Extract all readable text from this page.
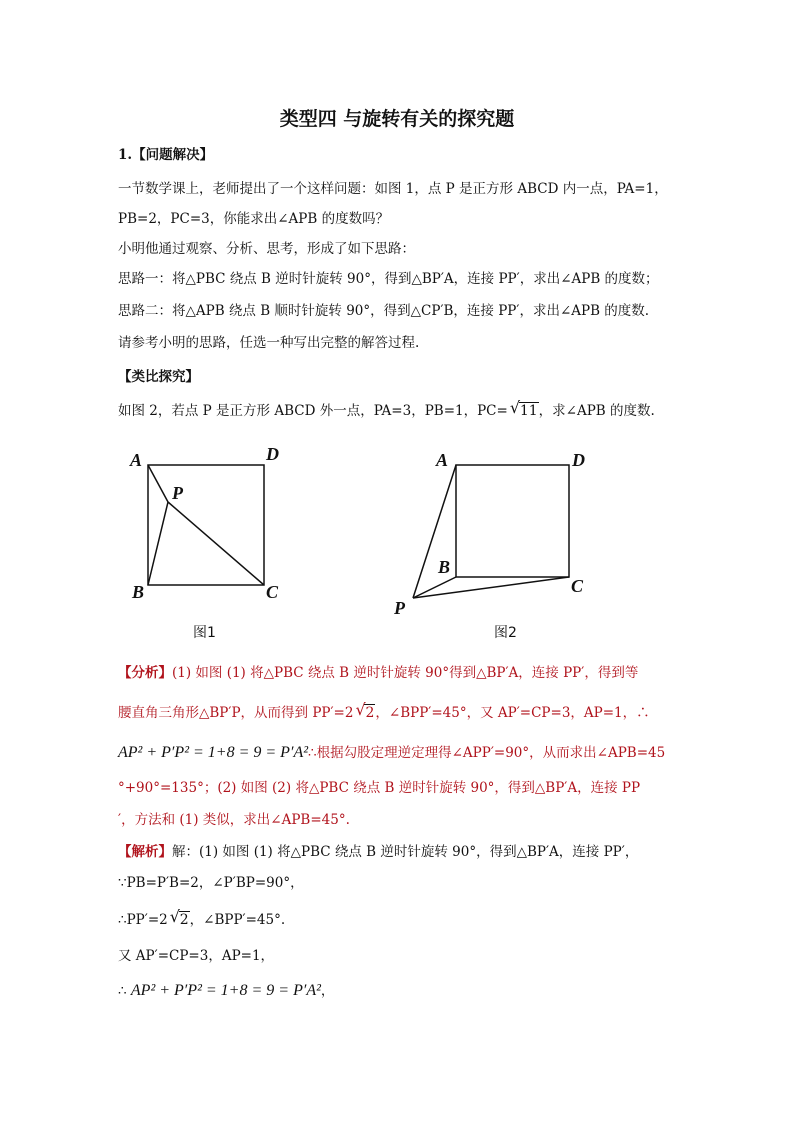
类型四 与旋转有关的探究题
1.【问题解决】
一节数学课上，老师提出了一个这样问题：如图 1，点 P 是正方形 ABCD 内一点，PA=1，
PB=2，PC=3，你能求出∠APB 的度数吗？
小明他通过观察、分析、思考，形成了如下思路：
思路一：将△PBC 绕点 B 逆时针旋转 90°，得到△BP′A，连接 PP′，求出∠APB 的度数；
思路二：将△APB 绕点 B 顺时针旋转 90°，得到△CP′B，连接 PP′，求出∠APB 的度数.
请参考小明的思路，任选一种写出完整的解答过程.
【类比探究】
如图 2，若点 P 是正方形 ABCD 外一点，PA=3，PB=1，PC= √ 11，求∠APB 的度数.
A	D
P
B	C
图1
A	D
B
C
P
图2
【分析】(1) 如图 (1) 将△PBC 绕点 B 逆时针旋转 90°得到△BP′A，连接 PP′，得到等
腰直角三角形△BP′P，从而得到 PP′=2 √ 2，∠BPP′=45°，又 AP′=CP=3，AP=1，∴
AP² + P′P² = 1+8 = 9 = P′A²∴根据勾股定理逆定理得∠APP′=90°，从而求出∠APB=45
°+90°=135°；(2) 如图 (2) 将△PBC 绕点 B 逆时针旋转 90°，得到△BP′A，连接 PP
′，方法和 (1) 类似，求出∠APB=45°.
【解析】解：(1) 如图 (1) 将△PBC 绕点 B 逆时针旋转 90°，得到△BP′A，连接 PP′，
∵PB=P′B=2，∠P′BP=90°，
∴PP′=2 √ 2，∠BPP′=45°.
又 AP′=CP=3，AP=1，
∴ AP² + P′P² = 1+8 = 9 = P′A²，
